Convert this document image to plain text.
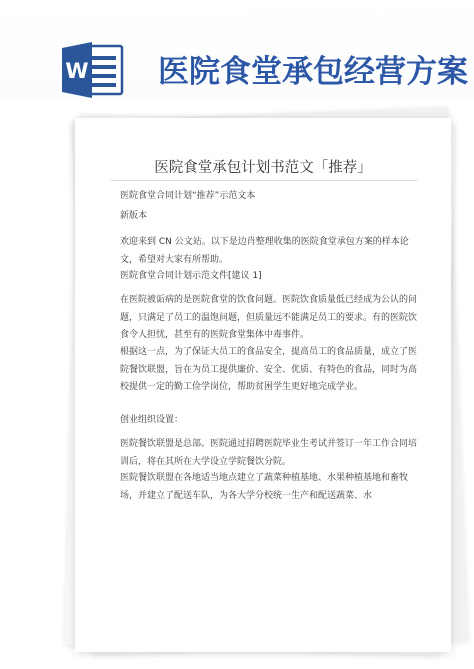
W 医院食堂承包经营方案
医院食堂承包计划书范文「推荐」
医院食堂合同计划“推荐”示范文本
新版本
欢迎来到 CN 公文站。以下是边肖整理收集的医院食堂承包方案的样本论文，希望对大家有所帮助。
医院食堂合同计划示范文件[建议 1]
在医院被诟病的是医院食堂的饮食问题。医院饮食质量低已经成为公认的问题，只满足了员工的温饱问题，但质量远不能满足员工的要求。有的医院饮食令人担忧，甚至有的医院食堂集体中毒事件。
根据这一点，为了保证大员工的食品安全，提高员工的食品质量，成立了医院餐饮联盟，旨在为员工提供廉价、安全、优质、有特色的食品，同时为高校提供一定的勤工俭学岗位，帮助贫困学生更好地完成学业。
创业组织设置：
医院餐饮联盟是总部。医院通过招聘医院毕业生考试并签订一年工作合同培训后，将在其所在大学设立学院餐饮分院。
医院餐饮联盟在各地适当地点建立了蔬菜种植基地、水果种植基地和畜牧场，并建立了配送车队，为各大学分校统一生产和配送蔬菜、水
